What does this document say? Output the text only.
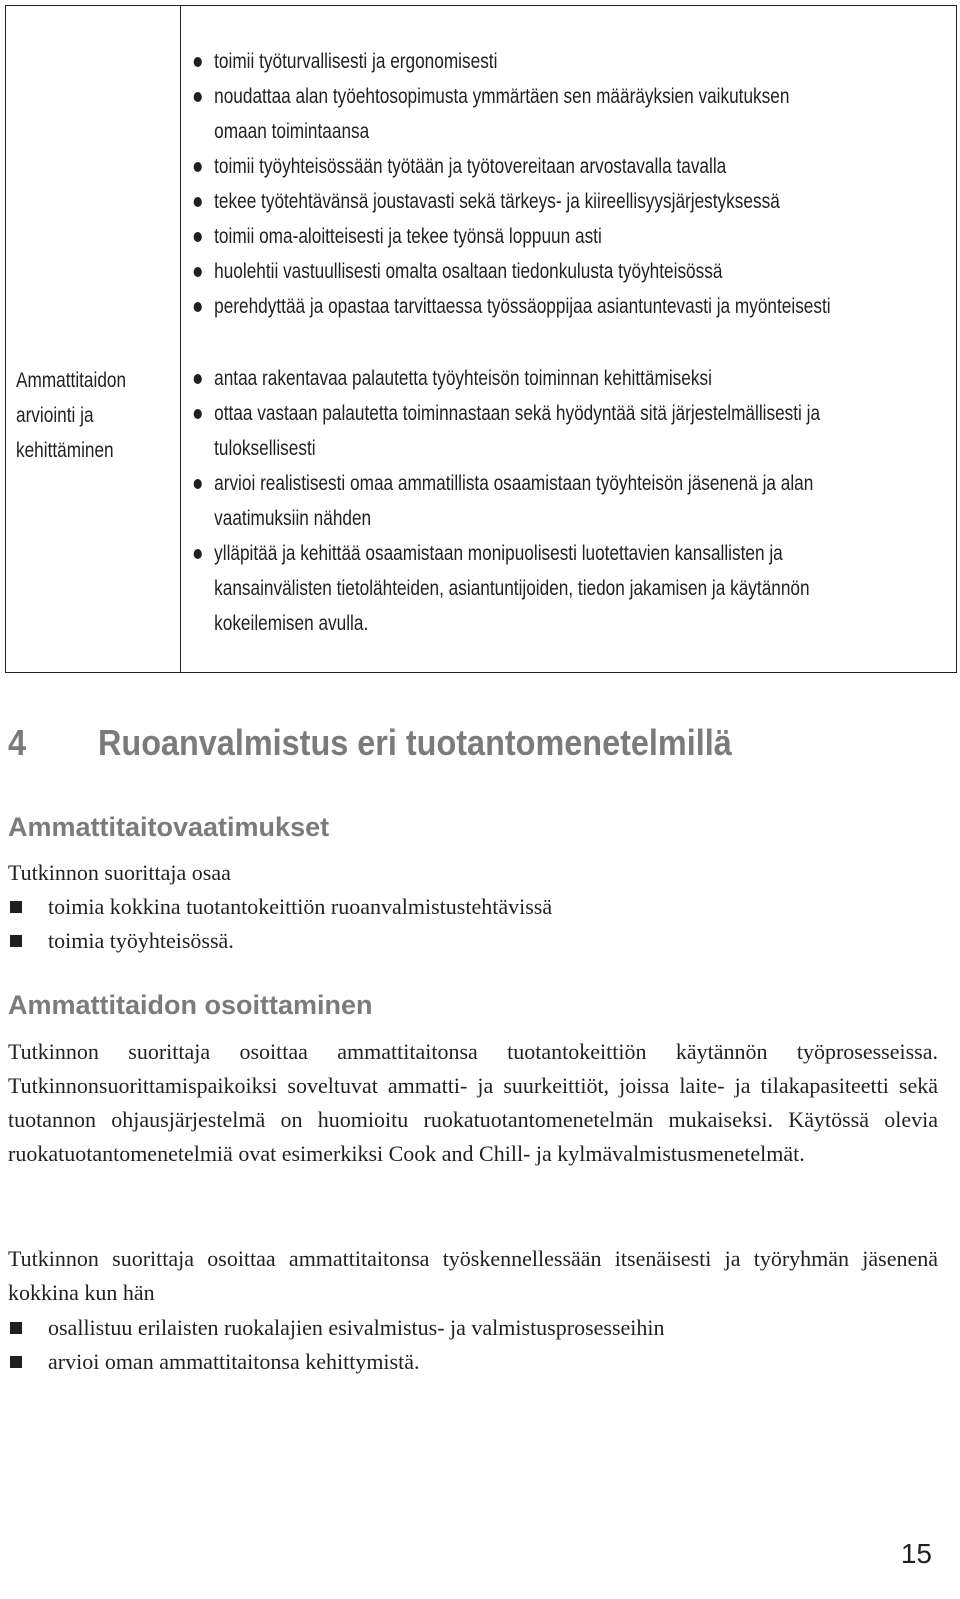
Ammattitaidon
arviointi ja
kehittäminen
toimii työturvallisesti ja ergonomisesti
noudattaa alan työehtosopimusta ymmärtäen sen määräyksien vaikutuksen omaan toimintaansa
toimii työyhteisössään työtään ja työtovereitaan arvostavalla tavalla
tekee työtehtävänsä joustavasti sekä tärkeys- ja kiireellisyysjärjestyksessä
toimii oma-aloitteisesti ja tekee työnsä loppuun asti
huolehtii vastuullisesti omalta osaltaan tiedonkulusta työyhteisössä
perehdyttää ja opastaa tarvittaessa työssäoppijaa asiantuntevasti ja myönteisesti
antaa rakentavaa palautetta työyhteisön toiminnan kehittämiseksi
ottaa vastaan palautetta toiminnastaan sekä hyödyntää sitä järjestelmällisesti ja tuloksellisesti
arvioi realistisesti omaa ammatillista osaamistaan työyhteisön jäsenenä ja alan vaatimuksiin nähden
ylläpitää ja kehittää osaamistaan monipuolisesti luotettavien kansallisten ja kansainvälisten tietolähteiden, asiantuntijoiden, tiedon jakamisen ja käytännön kokeilemisen avulla.
4 Ruoanvalmistus eri tuotantomenetelmillä
Ammattitaitovaatimukset

Tutkinnon suorittaja osaa

toimia kokkina tuotantokeittiön ruoanvalmistustehtävissä
toimia työyhteisössä.
Ammattitaidon osoittaminen

Tutkinnon suorittaja osoittaa ammattitaitonsa tuotantokeittiön käytännön työprosesseissa. Tutkinnonsuorittamispaikoiksi soveltuvat ammatti- ja suurkeittiöt, joissa laite- ja tilakapasiteetti sekä tuotannon ohjausjärjestelmä on huomioitu ruokatuotantomenetelmän mukaiseksi. Käytössä olevia ruokatuotantomenetelmiä ovat esimerkiksi Cook and Chill- ja kylmävalmistusmenetelmät.

Tutkinnon suorittaja osoittaa ammattitaitonsa työskennellessään itsenäisesti ja työryhmän jäsenenä kokkina kun hän

osallistuu erilaisten ruokalajien esivalmistus- ja valmistusprosesseihin
arvioi oman ammattitaitonsa kehittymistä.
15
